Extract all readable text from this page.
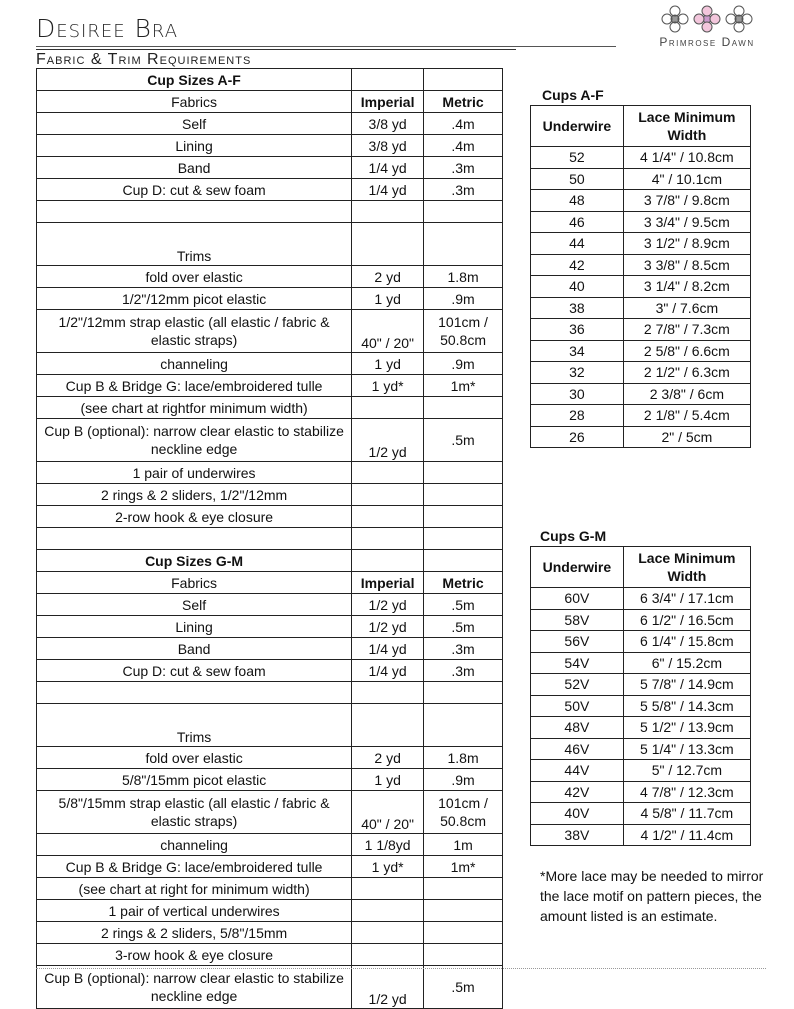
Desiree Bra
Fabric & Trim Requirements
Primrose Dawn
Cup Sizes A-F		
Fabrics	Imperial	Metric
Self	3/8 yd	.4m
Lining	3/8 yd	.4m
Band	1/4 yd	.3m
Cup D: cut & sew foam	1/4 yd	.3m

Trims		
fold over elastic	2 yd	1.8m
1/2"/12mm picot elastic	1 yd	.9m
1/2"/12mm strap elastic (all elastic / fabric & elastic straps)	40" / 20"	101cm / 50.8cm
channeling	1 yd	.9m
Cup B & Bridge G: lace/embroidered tulle	1 yd*	1m*
(see chart at rightfor minimum width)		
Cup B (optional): narrow clear elastic to stabilize neckline edge	1/2 yd	.5m
1 pair of underwires		
2 rings & 2 sliders, 1/2"/12mm		
2-row hook & eye closure		

Cup Sizes G-M		
Fabrics	Imperial	Metric
Self	1/2 yd	.5m
Lining	1/2 yd	.5m
Band	1/4 yd	.3m
Cup D: cut & sew foam	1/4 yd	.3m

Trims		
fold over elastic	2 yd	1.8m
5/8"/15mm picot elastic	1 yd	.9m
5/8"/15mm strap elastic (all elastic / fabric & elastic straps)	40" / 20"	101cm / 50.8cm
channeling	1 1/8yd	1m
Cup B & Bridge G: lace/embroidered tulle	1 yd*	1m*
(see chart at right for minimum width)		
1 pair of vertical underwires		
2 rings & 2 sliders, 5/8"/15mm		
3-row hook & eye closure		
Cup B (optional): narrow clear elastic to stabilize neckline edge	1/2 yd	.5m
Cups A-F
Underwire	Lace Minimum Width
52	4 1/4" / 10.8cm
50	4" / 10.1cm
48	3 7/8" / 9.8cm
46	3 3/4" / 9.5cm
44	3 1/2" / 8.9cm
42	3 3/8" / 8.5cm
40	3 1/4" / 8.2cm
38	3" / 7.6cm
36	2 7/8" / 7.3cm
34	2 5/8" / 6.6cm
32	2 1/2" / 6.3cm
30	2 3/8" / 6cm
28	2 1/8" / 5.4cm
26	2" / 5cm
Cups G-M
Underwire	Lace Minimum Width
60V	6 3/4" / 17.1cm
58V	6 1/2" / 16.5cm
56V	6 1/4" / 15.8cm
54V	6" / 15.2cm
52V	5 7/8" / 14.9cm
50V	5 5/8" / 14.3cm
48V	5 1/2" / 13.9cm
46V	5 1/4" / 13.3cm
44V	5" / 12.7cm
42V	4 7/8" / 12.3cm
40V	4 5/8" / 11.7cm
38V	4 1/2" / 11.4cm
*More lace may be needed to mirror the lace motif on pattern pieces, the amount listed is an estimate.
